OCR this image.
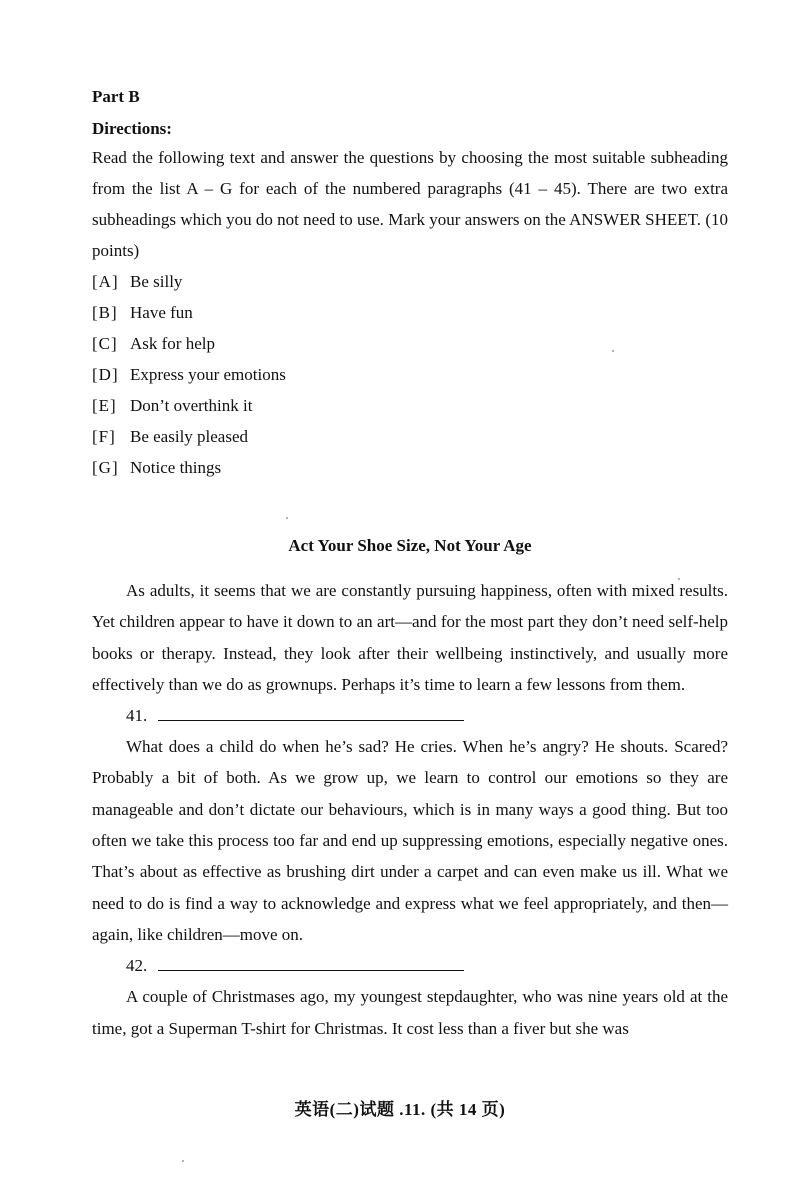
Part B

Directions:

Read the following text and answer the questions by choosing the most suitable subheading from the list A – G for each of the numbered paragraphs (41 – 45). There are two extra subheadings which you do not need to use. Mark your answers on the ANSWER SHEET. (10 points)

[A] Be silly
[B] Have fun
[C] Ask for help
[D] Express your emotions
[E] Don’t overthink it
[F] Be easily pleased
[G] Notice things

Act Your Shoe Size, Not Your Age

As adults, it seems that we are constantly pursuing happiness, often with mixed results. Yet children appear to have it down to an art—and for the most part they don’t need self-help books or therapy. Instead, they look after their wellbeing instinctively, and usually more effectively than we do as grownups. Perhaps it’s time to learn a few lessons from them.

41.

What does a child do when he’s sad? He cries. When he’s angry? He shouts. Scared? Probably a bit of both. As we grow up, we learn to control our emotions so they are manageable and don’t dictate our behaviours, which is in many ways a good thing. But too often we take this process too far and end up suppressing emotions, especially negative ones. That’s about as effective as brushing dirt under a carpet and can even make us ill. What we need to do is find a way to acknowledge and express what we feel appropriately, and then—again, like children—move on.

42.

A couple of Christmases ago, my youngest stepdaughter, who was nine years old at the time, got a Superman T-shirt for Christmas. It cost less than a fiver but she was

英语(二)试题 .11. (共 14 页)
